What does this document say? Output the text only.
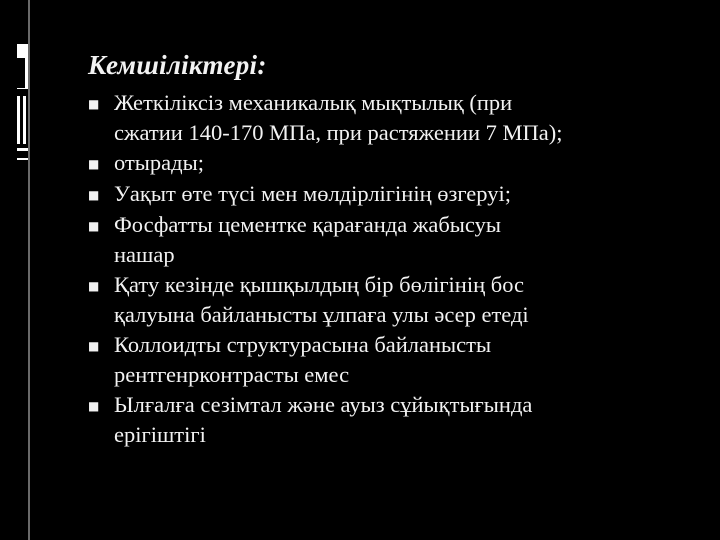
Кемшіліктері:
■ Жеткіліксіз механикалық мықтылық (при
сжатии 140-170 МПа, при растяжении 7 МПа);
■ отырады;
■ Уақыт өте түсі мен мөлдірлігінің өзгеруі;
■ Фосфатты цементке қарағанда жабысуы
нашар
■ Қату кезінде қышқылдың бір бөлігінің бос
қалуына байланысты ұлпаға улы әсер етеді
■ Коллоидты структурасына байланысты
рентгенрконтрасты емес
■ Ылғалға сезімтал және ауыз сұйықтығында
ерігіштігі
